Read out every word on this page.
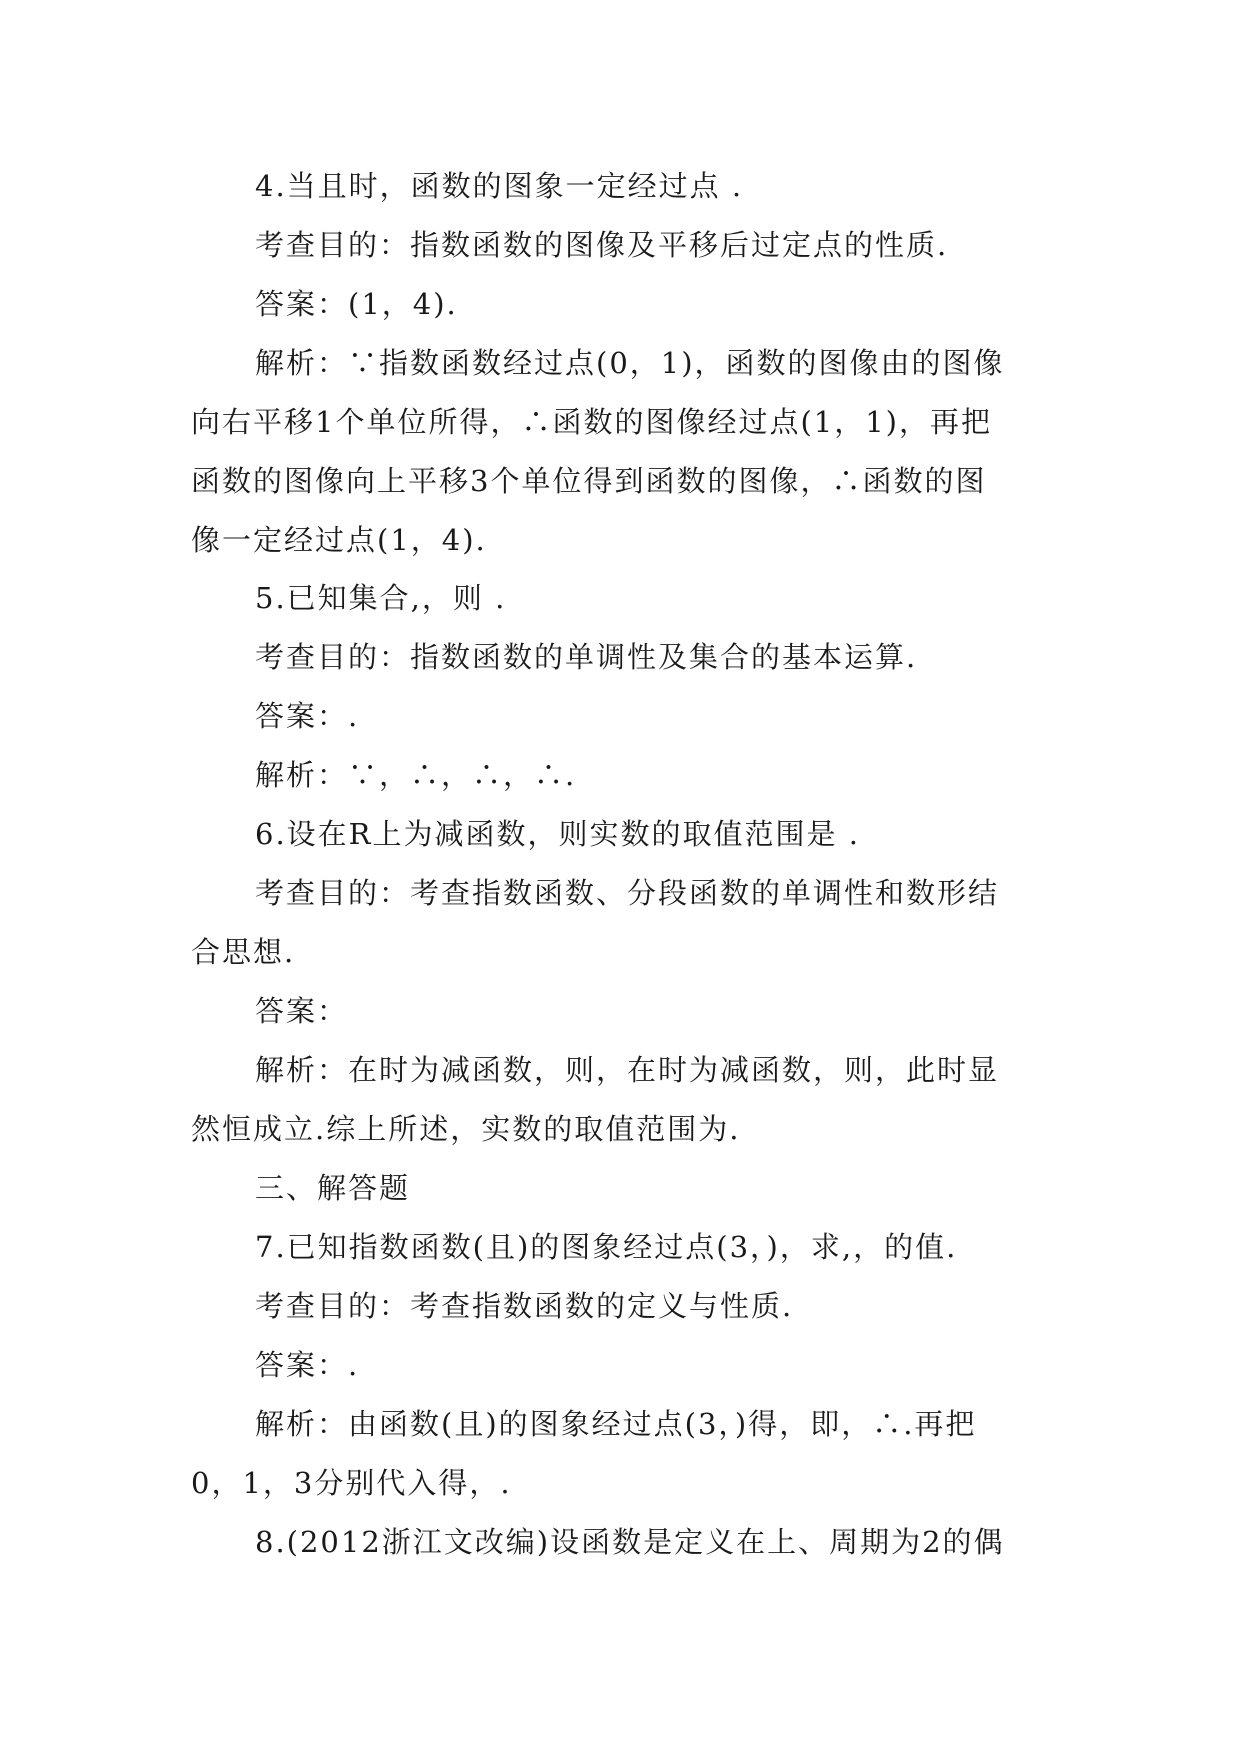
4.当且时，函数的图象一定经过点 .
考查目的：指数函数的图像及平移后过定点的性质.
答案：(1，4).
解析：∵指数函数经过点(0，1)，函数的图像由的图像
向右平移1个单位所得，∴函数的图像经过点(1，1)，再把
函数的图像向上平移3个单位得到函数的图像，∴函数的图
像一定经过点(1，4).
5.已知集合,，则 .
考查目的：指数函数的单调性及集合的基本运算.
答案：.
解析：∵，∴，∴，∴.
6.设在R上为减函数，则实数的取值范围是 .
考查目的：考查指数函数、分段函数的单调性和数形结
合思想.
答案：
解析：在时为减函数，则，在时为减函数，则，此时显
然恒成立.综上所述，实数的取值范围为.
三、解答题
7.已知指数函数(且)的图象经过点(3，)，求,，的值.
考查目的：考查指数函数的定义与性质.
答案：.
解析：由函数(且)的图象经过点(3，)得，即，∴.再把
0，1，3分别代入得，.
8.(2012浙江文改编)设函数是定义在上、周期为2的偶
